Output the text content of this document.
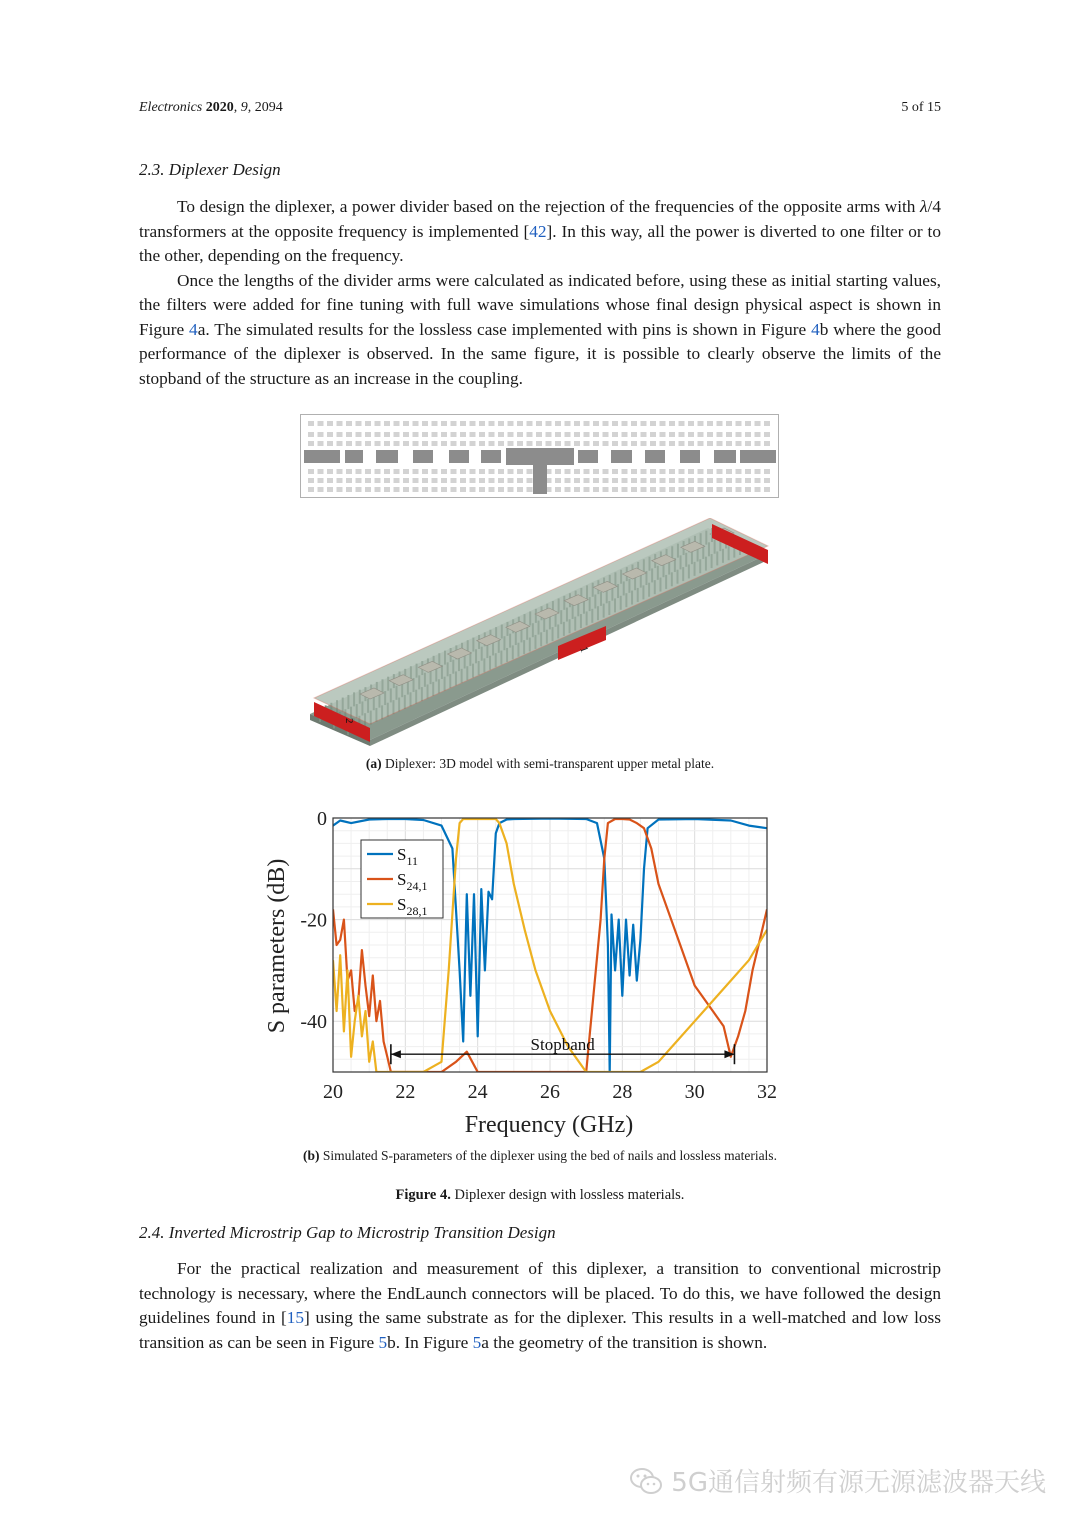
Electronics 2020, 9, 2094	5 of 15
2.3. Diplexer Design

To design the diplexer, a power divider based on the rejection of the frequencies of the opposite arms with λ/4 transformers at the opposite frequency is implemented [42]. In this way, all the power is diverted to one filter or to the other, depending on the frequency.

Once the lengths of the divider arms were calculated as indicated before, using these as initial starting values, the filters were added for fine tuning with full wave simulations whose final design physical aspect is shown in Figure 4a. The simulated results for the lossless case implemented with pins is shown in Figure 4b where the good performance of the diplexer is observed. In the same figure, it is possible to clearly observe the limits of the stopband of the structure as an increase in the coupling.

2
1
(a) Diplexer: 3D model with semi-transparent upper metal plate.
20	22	24	26	28	30	32
0
-20
-40
Stopband
$S_{11}$
$S_{24,1}$
$S_{28,1}$
Frequency (GHz)
S parameters (dB)
(b) Simulated S-parameters of the diplexer using the bed of nails and lossless materials.
Figure 4. Diplexer design with lossless materials.
2.4. Inverted Microstrip Gap to Microstrip Transition Design

For the practical realization and measurement of this diplexer, a transition to conventional microstrip technology is necessary, where the EndLaunch connectors will be placed. To do this, we have followed the design guidelines found in [15] using the same substrate as for the diplexer. This results in a well-matched and low loss transition as can be seen in Figure 5b. In Figure 5a the geometry of the transition is shown.

5G通信射频有源无源滤波器天线
